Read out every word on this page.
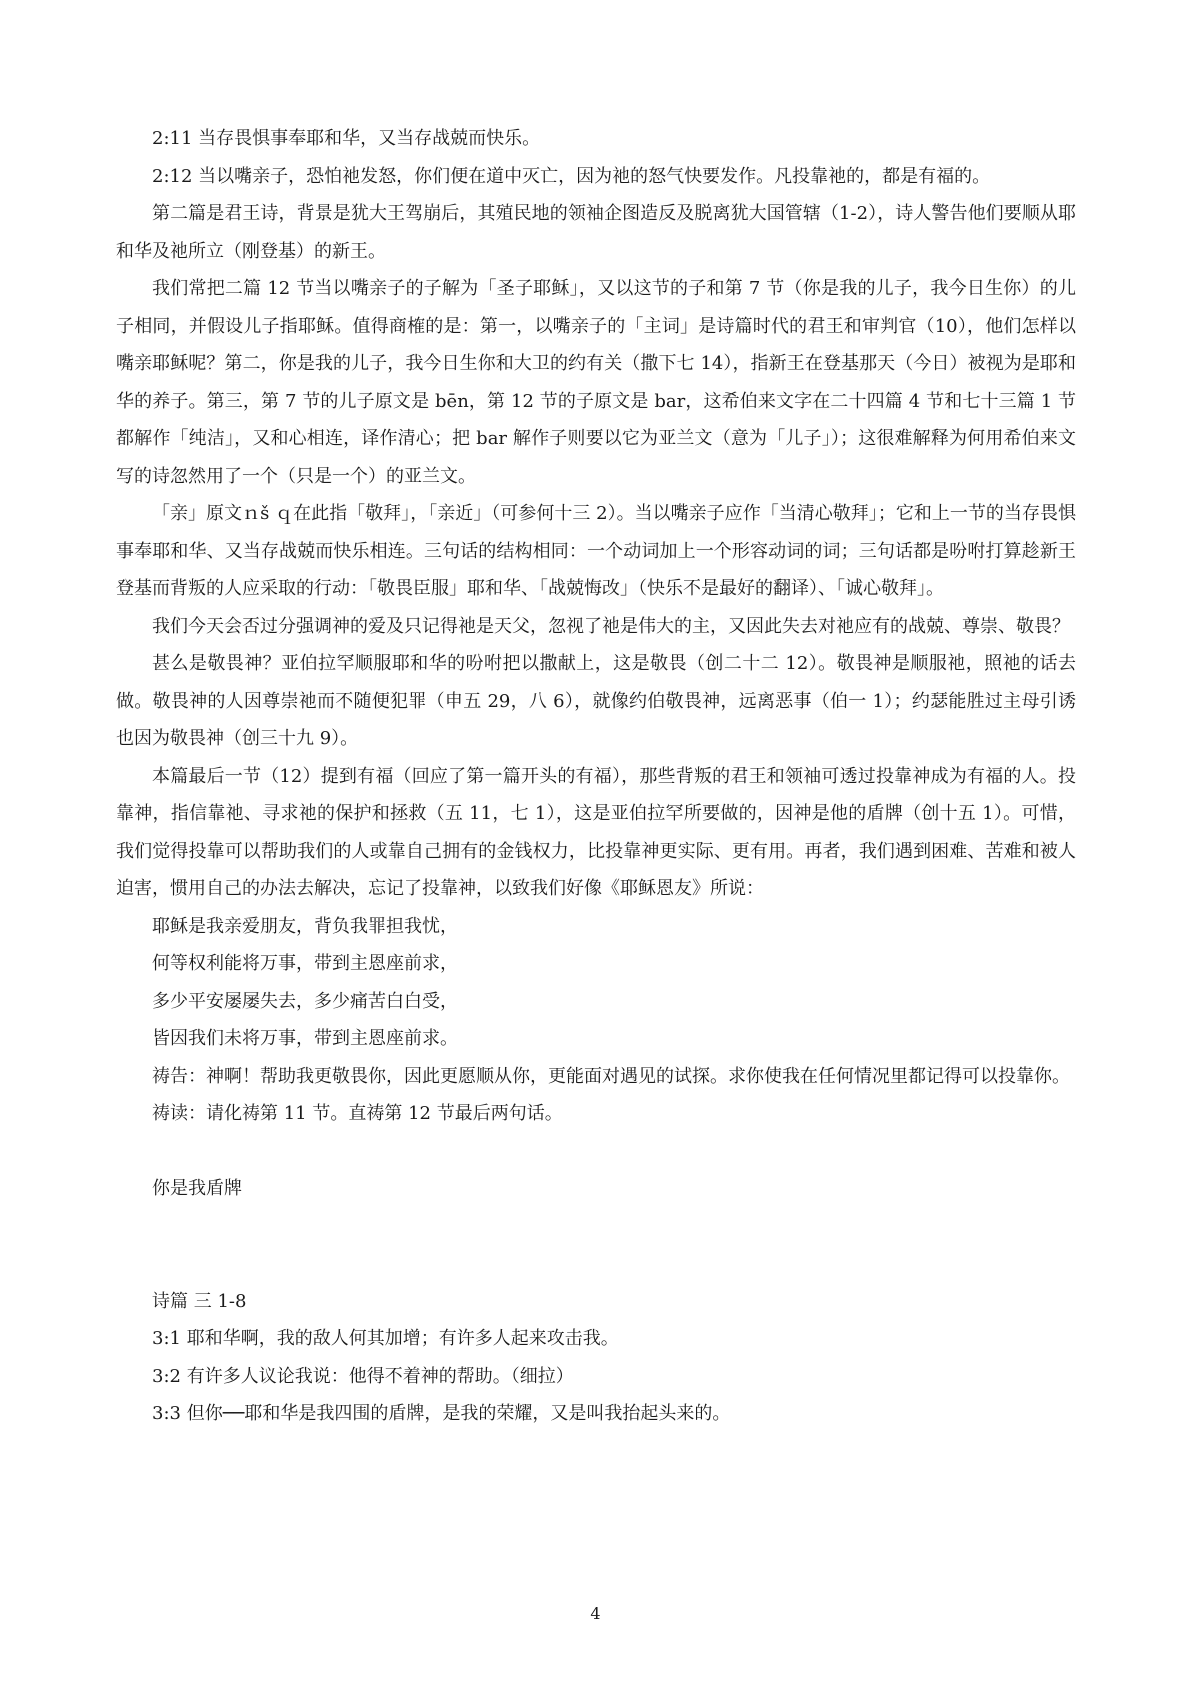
2:11 当存畏惧事奉耶和华，又当存战兢而快乐。

2:12 当以嘴亲子，恐怕祂发怒，你们便在道中灭亡，因为祂的怒气快要发作。凡投靠祂的，都是有福的。

第二篇是君王诗，背景是犹大王驾崩后，其殖民地的领袖企图造反及脱离犹大国管辖（1-2），诗人警告他们要顺从耶和华及祂所立（刚登基）的新王。

我们常把二篇 12 节当以嘴亲子的子解为「圣子耶稣」，又以这节的子和第 7 节（你是我的儿子，我今日生你）的儿子相同，并假设儿子指耶稣。值得商榷的是：第一，以嘴亲子的「主词」是诗篇时代的君王和审判官（10），他们怎样以嘴亲耶稣呢？第二，你是我的儿子，我今日生你和大卫的约有关（撒下七 14），指新王在登基那天（今日）被视为是耶和华的养子。第三，第 7 节的儿子原文是 bēn，第 12 节的子原文是 bar，这希伯来文字在二十四篇 4 节和七十三篇 1 节都解作「纯洁」，又和心相连，译作清心；把 bar 解作子则要以它为亚兰文（意为「儿子」）；这很难解释为何用希伯来文写的诗忽然用了一个（只是一个）的亚兰文。

「亲」原文ｎš ｑ在此指「敬拜」，「亲近」（可参何十三 2）。当以嘴亲子应作「当清心敬拜」；它和上一节的当存畏惧事奉耶和华、又当存战兢而快乐相连。三句话的结构相同：一个动词加上一个形容动词的词；三句话都是吩咐打算趁新王登基而背叛的人应采取的行动：「敬畏臣服」耶和华、「战兢悔改」（快乐不是最好的翻译）、「诚心敬拜」。

我们今天会否过分强调神的爱及只记得祂是天父，忽视了祂是伟大的主，又因此失去对祂应有的战兢、尊崇、敬畏？

甚么是敬畏神？亚伯拉罕顺服耶和华的吩咐把以撒献上，这是敬畏（创二十二 12）。敬畏神是顺服祂，照祂的话去做。敬畏神的人因尊崇祂而不随便犯罪（申五 29，八 6），就像约伯敬畏神，远离恶事（伯一 1）；约瑟能胜过主母引诱也因为敬畏神（创三十九 9）。

本篇最后一节（12）提到有福（回应了第一篇开头的有福），那些背叛的君王和领袖可透过投靠神成为有福的人。投靠神，指信靠祂、寻求祂的保护和拯救（五 11，七 1），这是亚伯拉罕所要做的，因神是他的盾牌（创十五 1）。可惜，我们觉得投靠可以帮助我们的人或靠自己拥有的金钱权力，比投靠神更实际、更有用。再者，我们遇到困难、苦难和被人迫害，惯用自己的办法去解决，忘记了投靠神，以致我们好像《耶稣恩友》所说：

耶稣是我亲爱朋友，背负我罪担我忧，

何等权利能将万事，带到主恩座前求，

多少平安屡屡失去，多少痛苦白白受，

皆因我们未将万事，带到主恩座前求。

祷告：神啊！帮助我更敬畏你，因此更愿顺从你，更能面对遇见的试探。求你使我在任何情况里都记得可以投靠你。

祷读：请化祷第 11 节。直祷第 12 节最后两句话。

你是我盾牌

诗篇 三 1-8

3:1 耶和华啊，我的敌人何其加增；有许多人起来攻击我。

3:2 有许多人议论我说：他得不着神的帮助。（细拉）

3:3 但你──耶和华是我四围的盾牌，是我的荣耀，又是叫我抬起头来的。

4
